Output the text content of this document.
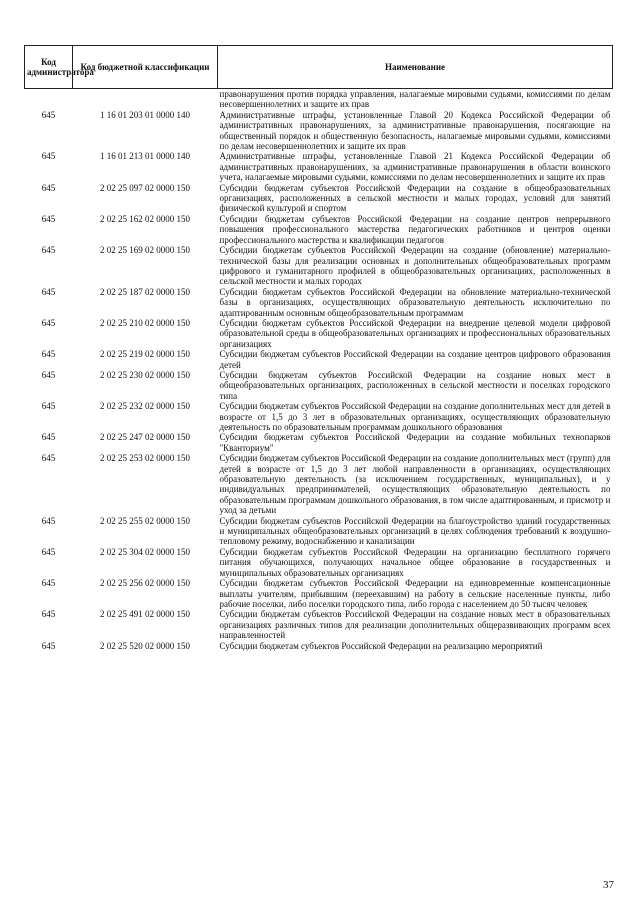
Код администратора	Код бюджетной классификации	Наименование
		правонарушения против порядка управления, налагаемые мировыми судьями, комиссиями по делам несовершеннолетних и защите их прав
645	1 16 01 203 01 0000 140	Административные штрафы, установленные Главой 20 Кодекса Российской Федерации об административных правонарушениях, за административные правонарушения, посягающие на общественный порядок и общественную безопасность, налагаемые мировыми судьями, комиссиями по делам несовершеннолетних и защите их прав
645	1 16 01 213 01 0000 140	Административные штрафы, установленные Главой 21 Кодекса Российской Федерации об административных правонарушениях, за административные правонарушения в области воинского учета, налагаемые мировыми судьями, комиссиями по делам несовершеннолетних и защите их прав
645	2 02 25 097 02 0000 150	Субсидии бюджетам субъектов Российской Федерации на создание в общеобразовательных организациях, расположенных в сельской местности и малых городах, условий для занятий физической культурой и спортом
645	2 02 25 162 02 0000 150	Субсидии бюджетам субъектов Российской Федерации на создание центров непрерывного повышения профессионального мастерства педагогических работников и центров оценки профессионального мастерства и квалификации педагогов
645	2 02 25 169 02 0000 150	Субсидии бюджетам субъектов Российской Федерации на создание (обновление) материально-технической базы для реализации основных и дополнительных общеобразовательных программ цифрового и гуманитарного профилей в общеобразовательных организациях, расположенных в сельской местности и малых городах
645	2 02 25 187 02 0000 150	Субсидии бюджетам субъектов Российской Федерации на обновление материально-технической базы в организациях, осуществляющих образовательную деятельность исключительно по адаптированным основным общеобразовательным программам
645	2 02 25 210 02 0000 150	Субсидии бюджетам субъектов Российской Федерации на внедрение целевой модели цифровой образовательной среды в общеобразовательных организациях и профессиональных образовательных организациях
645	2 02 25 219 02 0000 150	Субсидии бюджетам субъектов Российской Федерации на создание центров цифрового образования детей
645	2 02 25 230 02 0000 150	Субсидии бюджетам субъектов Российской Федерации на создание новых мест в общеобразовательных организациях, расположенных в сельской местности и поселках городского типа
645	2 02 25 232 02 0000 150	Субсидии бюджетам субъектов Российской Федерации на создание дополнительных мест для детей в возрасте от 1,5 до 3 лет в образовательных организациях, осуществляющих образовательную деятельность по образовательным программам дошкольного образования
645	2 02 25 247 02 0000 150	Субсидии бюджетам субъектов Российской Федерации на создание мобильных технопарков "Кванториум"
645	2 02 25 253 02 0000 150	Субсидии бюджетам субъектов Российской Федерации на создание дополнительных мест (групп) для детей в возрасте от 1,5 до 3 лет любой направленности в организациях, осуществляющих образовательную деятельность (за исключением государственных, муниципальных), и у индивидуальных предпринимателей, осуществляющих образовательную деятельность по образовательным программам дошкольного образования, в том числе адаптированным, и присмотр и уход за детьми
645	2 02 25 255 02 0000 150	Субсидии бюджетам субъектов Российской Федерации на благоустройство зданий государственных и муниципальных общеобразовательных организаций в целях соблюдения требований к воздушно-тепловому режиму, водоснабжению и канализации
645	2 02 25 304 02 0000 150	Субсидии бюджетам субъектов Российской Федерации на организацию бесплатного горячего питания обучающихся, получающих начальное общее образование в государственных и муниципальных образовательных организациях
645	2 02 25 256 02 0000 150	Субсидии бюджетам субъектов Российской Федерации на единовременные компенсационные выплаты учителям, прибывшим (переехавшим) на работу в сельские населенные пункты, либо рабочие поселки, либо поселки городского типа, либо города с населением до 50 тысяч человек
645	2 02 25 491 02 0000 150	Субсидии бюджетам субъектов Российской Федерации на создание новых мест в образовательных организациях различных типов для реализации дополнительных общеразвивающих программ всех направленностей
645	2 02 25 520 02 0000 150	Субсидии бюджетам субъектов Российской Федерации на реализацию мероприятий
37
